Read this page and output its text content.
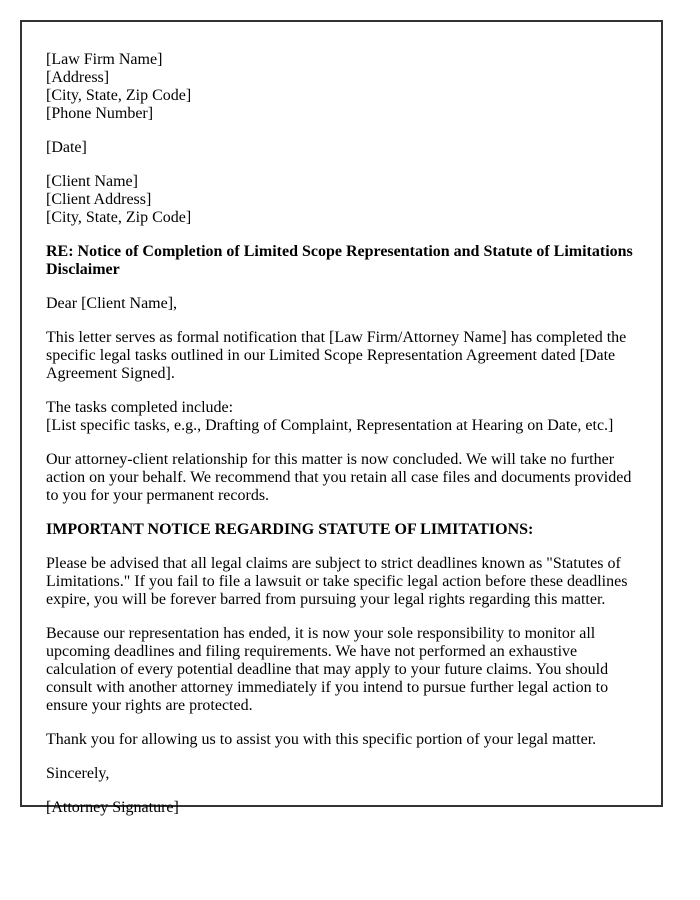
[Law Firm Name]
[Address]
[City, State, Zip Code]
[Phone Number]

[Date]

[Client Name]
[Client Address]
[City, State, Zip Code]

RE: Notice of Completion of Limited Scope Representation and Statute of Limitations Disclaimer

Dear [Client Name],

This letter serves as formal notification that [Law Firm/Attorney Name] has completed the specific legal tasks outlined in our Limited Scope Representation Agreement dated [Date Agreement Signed].

The tasks completed include:
[List specific tasks, e.g., Drafting of Complaint, Representation at Hearing on Date, etc.]

Our attorney-client relationship for this matter is now concluded. We will take no further action on your behalf. We recommend that you retain all case files and documents provided to you for your permanent records.

IMPORTANT NOTICE REGARDING STATUTE OF LIMITATIONS:

Please be advised that all legal claims are subject to strict deadlines known as "Statutes of Limitations." If you fail to file a lawsuit or take specific legal action before these deadlines expire, you will be forever barred from pursuing your legal rights regarding this matter.

Because our representation has ended, it is now your sole responsibility to monitor all upcoming deadlines and filing requirements. We have not performed an exhaustive calculation of every potential deadline that may apply to your future claims. You should consult with another attorney immediately if you intend to pursue further legal action to ensure your rights are protected.

Thank you for allowing us to assist you with this specific portion of your legal matter.

Sincerely,

[Attorney Signature]
